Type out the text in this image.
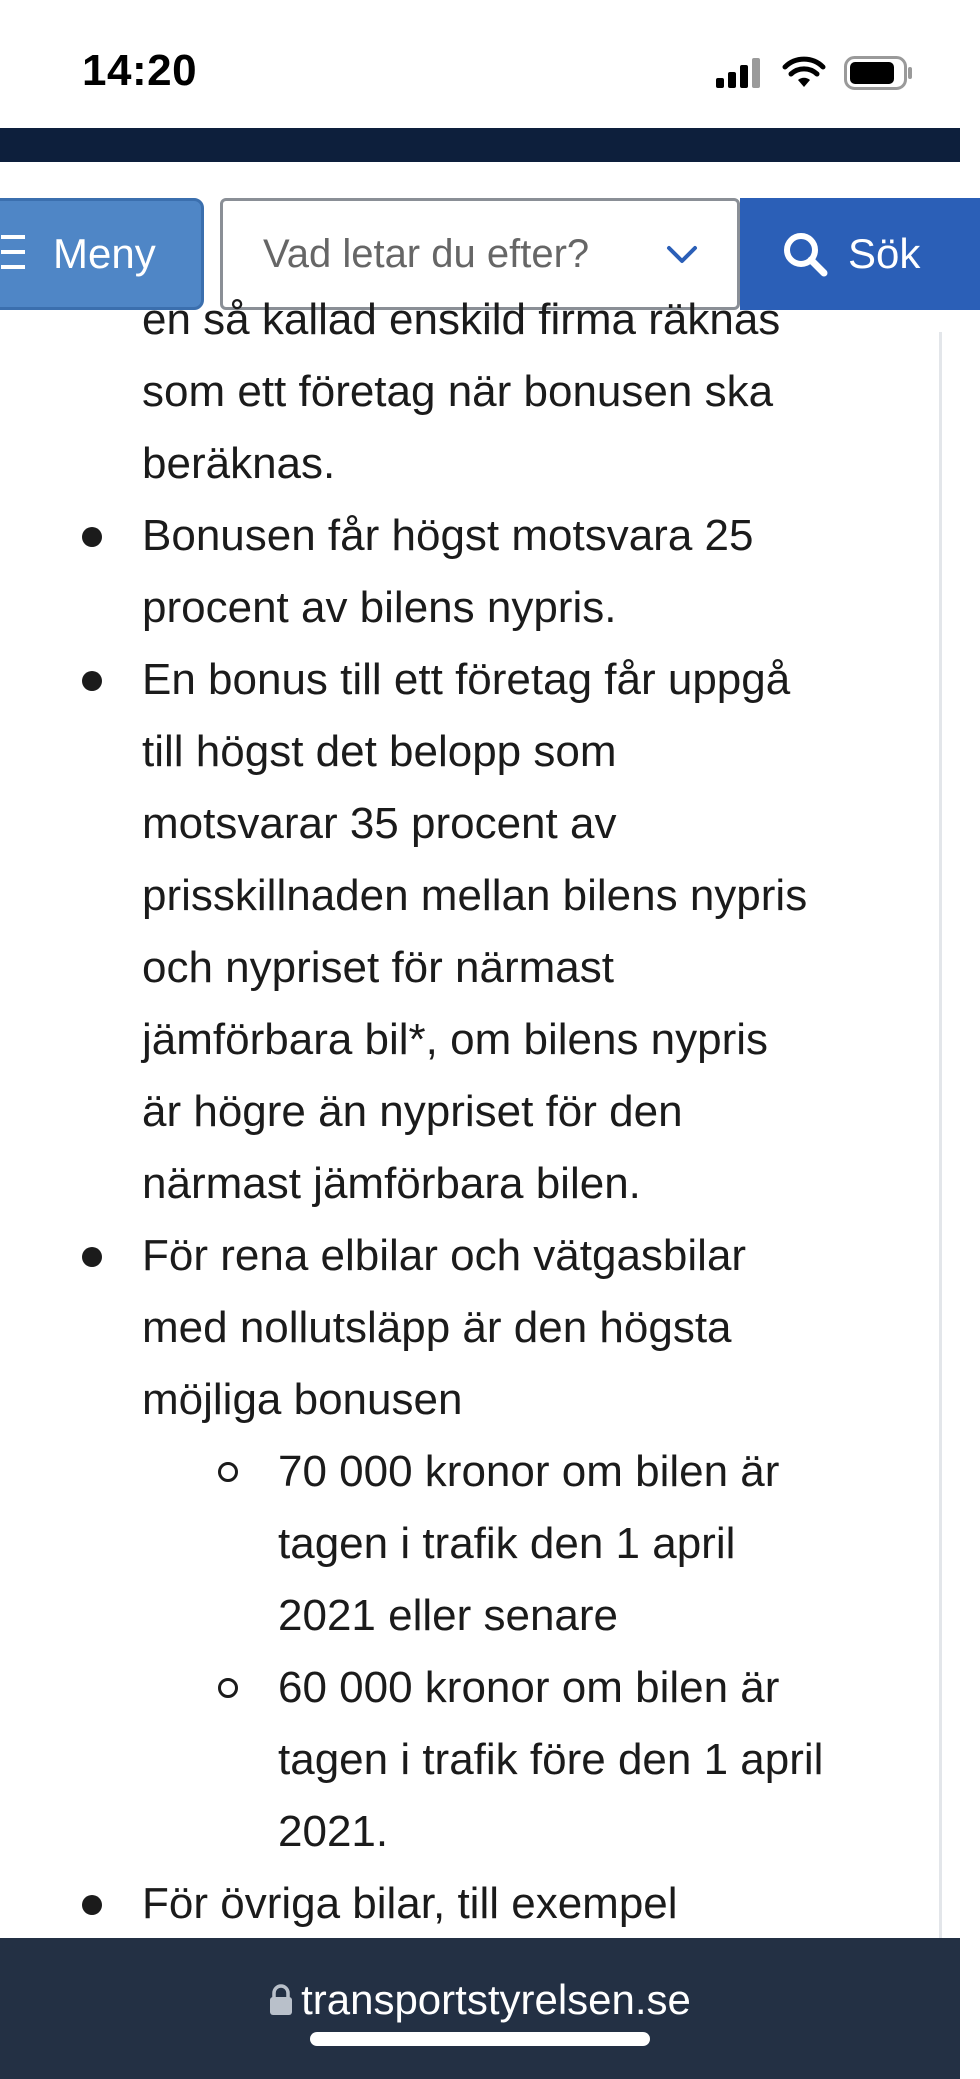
14:20
Meny
Vad letar du efter?	Sök
en så kallad enskild firma räknas
som ett företag när bonusen ska
beräknas.
Bonusen får högst motsvara 25
procent av bilens nypris.
En bonus till ett företag får uppgå
till högst det belopp som
motsvarar 35 procent av
prisskillnaden mellan bilens nypris
och nypriset för närmast
jämförbara bil*, om bilens nypris
är högre än nypriset för den
närmast jämförbara bilen.
För rena elbilar och vätgasbilar
med nollutsläpp är den högsta
möjliga bonusen
70 000 kronor om bilen är
tagen i trafik den 1 april
2021 eller senare
60 000 kronor om bilen är
tagen i trafik före den 1 april
2021.
För övriga bilar, till exempel
transportstyrelsen.se
